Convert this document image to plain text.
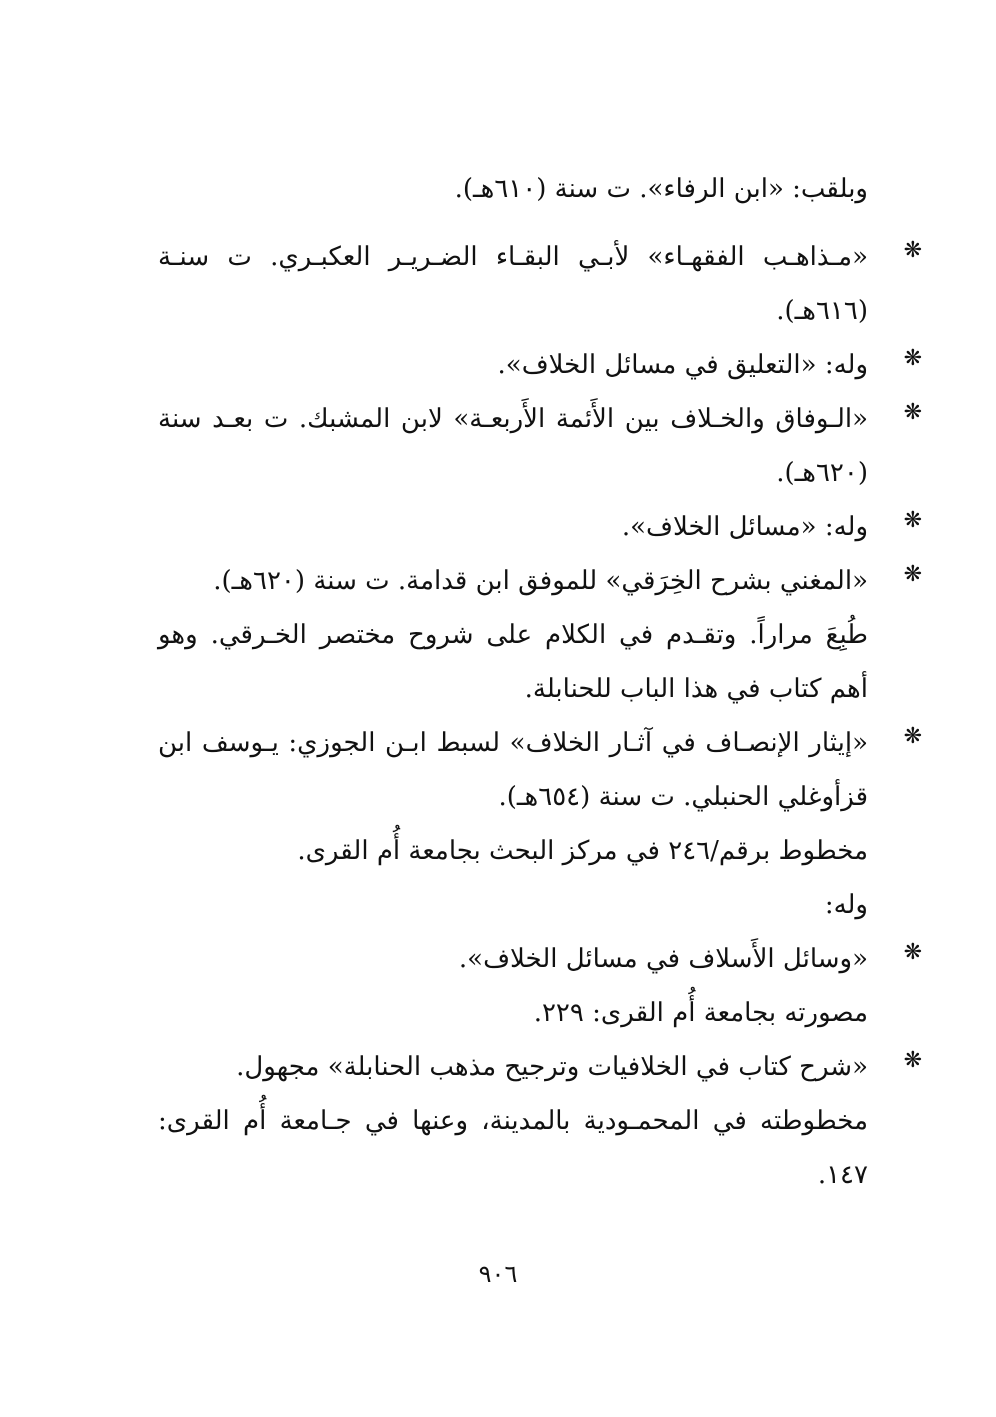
وبلقب: «ابن الرفاء». ت سنة (٦١٠هـ).
❋
«مـذاهـب الفقهـاء» لأبـي البقـاء الضـريـر العكبـري. ت سنـة (٦١٦هـ).
❋
وله: «التعليق في مسائل الخلاف».
❋
«الـوفاق والخـلاف بين الأَئمة الأَربعـة» لابن المشبك. ت بعـد سنة (٦٢٠هـ).
❋
وله: «مسائل الخلاف».
❋
«المغني بشرح الخِرَقي» للموفق ابن قدامة. ت سنة (٦٢٠هـ).
طُبِعَ مراراً. وتقـدم في الكلام على شروح مختصر الخـرقي. وهو أهم كتاب في هذا الباب للحنابلة.
❋
«إيثار الإنصـاف في آثـار الخلاف» لسبط ابـن الجوزي: يـوسف ابن قزأوغلي الحنبلي. ت سنة (٦٥٤هـ).
مخطوط برقم/٢٤٦ في مركز البحث بجامعة أُم القرى.
وله:
❋
«وسائل الأَسلاف في مسائل الخلاف».
مصورته بجامعة أُم القرى: ٢٢٩.
❋
«شرح كتاب في الخلافيات وترجيح مذهب الحنابلة» مجهول.
مخطوطته في المحمـودية بالمدينة، وعنها في جـامعة أُم القرى: ١٤٧.
٩٠٦
